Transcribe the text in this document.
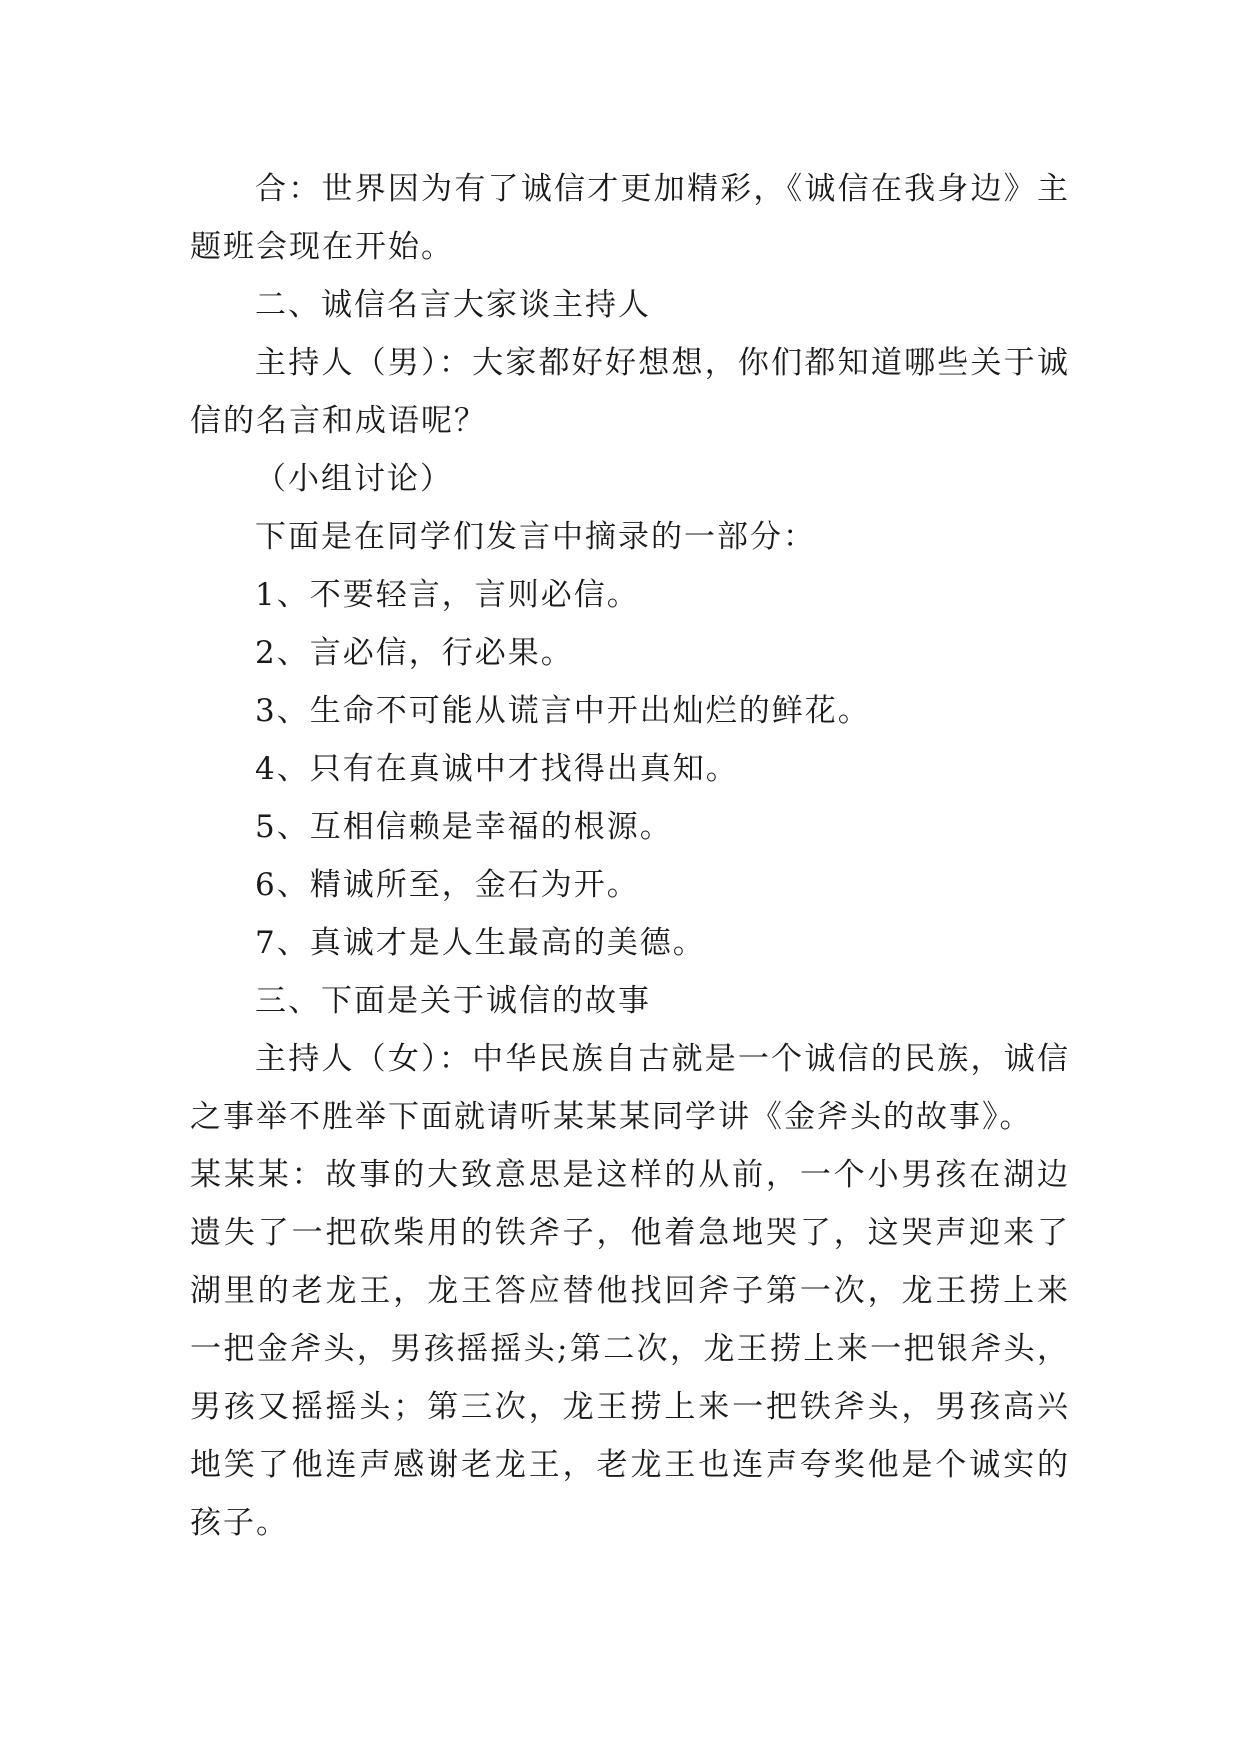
合：世界因为有了诚信才更加精彩，《诚信在我身边》主题班会现在开始。

二、诚信名言大家谈主持人

主持人（男）：大家都好好想想，你们都知道哪些关于诚信的名言和成语呢？

（小组讨论）

下面是在同学们发言中摘录的一部分：

1、不要轻言，言则必信。

2、言必信，行必果。

3、生命不可能从谎言中开出灿烂的鲜花。

4、只有在真诚中才找得出真知。

5、互相信赖是幸福的根源。

6、精诚所至，金石为开。

7、真诚才是人生最高的美德。

三、下面是关于诚信的故事

主持人（女）：中华民族自古就是一个诚信的民族，诚信之事举不胜举下面就请听某某某同学讲《金斧头的故事》。

某某某：故事的大致意思是这样的从前，一个小男孩在湖边遗失了一把砍柴用的铁斧子，他着急地哭了，这哭声迎来了湖里的老龙王，龙王答应替他找回斧子第一次，龙王捞上来一把金斧头，男孩摇摇头;第二次，龙王捞上来一把银斧头，男孩又摇摇头；第三次，龙王捞上来一把铁斧头，男孩高兴地笑了他连声感谢老龙王，老龙王也连声夸奖他是个诚实的孩子。
